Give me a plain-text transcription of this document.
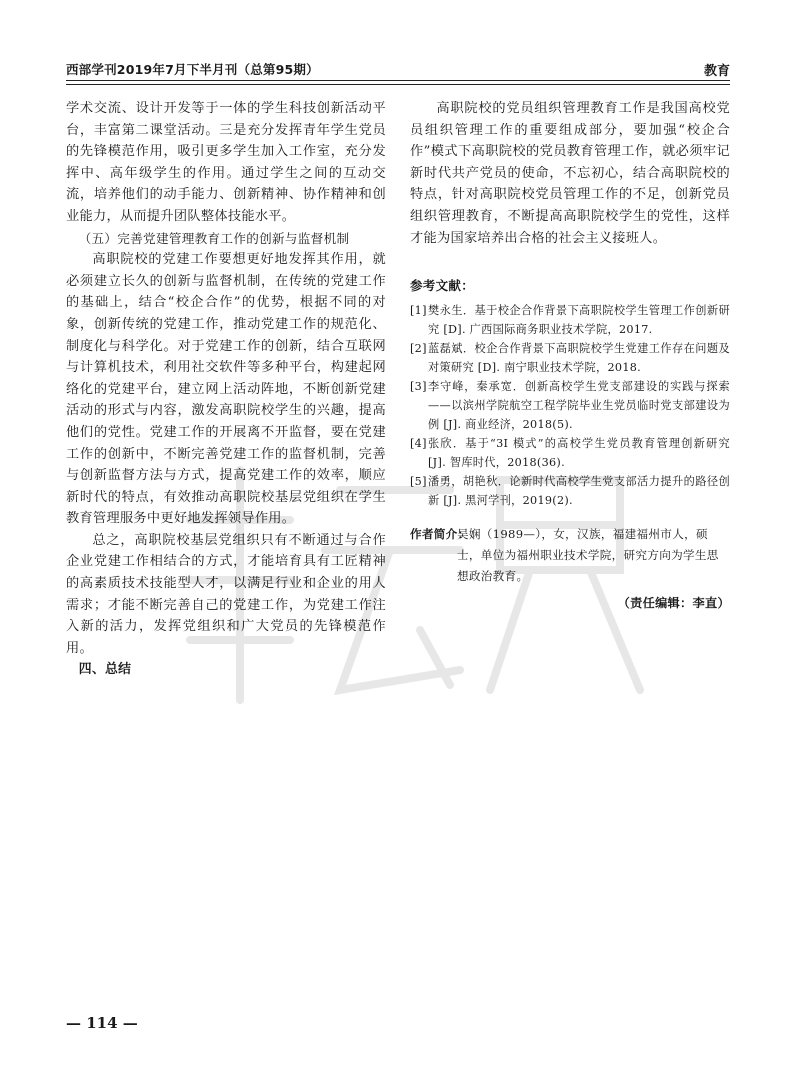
西部学刊2019年7月下半月刊（总第95期）	教育

学术交流、设计开发等于一体的学生科技创新活动平台，丰富第二课堂活动。三是充分发挥青年学生党员的先锋模范作用，吸引更多学生加入工作室，充分发挥中、高年级学生的作用。通过学生之间的互动交流，培养他们的动手能力、创新精神、协作精神和创业能力，从而提升团队整体技能水平。

（五）完善党建管理教育工作的创新与监督机制

高职院校的党建工作要想更好地发挥其作用，就必须建立长久的创新与监督机制，在传统的党建工作的基础上，结合“校企合作”的优势，根据不同的对象，创新传统的党建工作，推动党建工作的规范化、制度化与科学化。对于党建工作的创新，结合互联网与计算机技术，利用社交软件等多种平台，构建起网络化的党建平台，建立网上活动阵地，不断创新党建活动的形式与内容，激发高职院校学生的兴趣，提高他们的党性。党建工作的开展离不开监督，要在党建工作的创新中，不断完善党建工作的监督机制，完善与创新监督方法与方式，提高党建工作的效率，顺应新时代的特点，有效推动高职院校基层党组织在学生教育管理服务中更好地发挥领导作用。

总之，高职院校基层党组织只有不断通过与合作企业党建工作相结合的方式，才能培育具有工匠精神的高素质技术技能型人才，以满足行业和企业的用人需求；才能不断完善自己的党建工作，为党建工作注入新的活力，发挥党组织和广大党员的先锋模范作用。

四、总结

高职院校的党员组织管理教育工作是我国高校党员组织管理工作的重要组成部分，要加强“校企合作”模式下高职院校的党员教育管理工作，就必须牢记新时代共产党员的使命，不忘初心，结合高职院校的特点，针对高职院校党员管理工作的不足，创新党员组织管理教育，不断提高高职院校学生的党性，这样才能为国家培养出合格的社会主义接班人。

参考文献：

[1] 樊永生．基于校企合作背景下高职院校学生管理工作创新研究 [D]. 广西国际商务职业技术学院，2017.

[2] 蓝磊斌．校企合作背景下高职院校学生党建工作存在问题及对策研究 [D]. 南宁职业技术学院，2018.

[3] 李守峰，秦承宽．创新高校学生党支部建设的实践与探索——以滨州学院航空工程学院毕业生党员临时党支部建设为例 [J]. 商业经济，2018(5).

[4] 张欣．基于“3I 模式”的高校学生党员教育管理创新研究 [J]. 智库时代，2018(36).

[5] 潘勇，胡艳秋．论新时代高校学生党支部活力提升的路径创新 [J]. 黑河学刊，2019(2).

作者简介：
吴娴（1989—），女，汉族，福建福州市人，硕士，单位为福州职业技术学院，研究方向为学生思想政治教育。
（责任编辑：李直）
— 114 —
